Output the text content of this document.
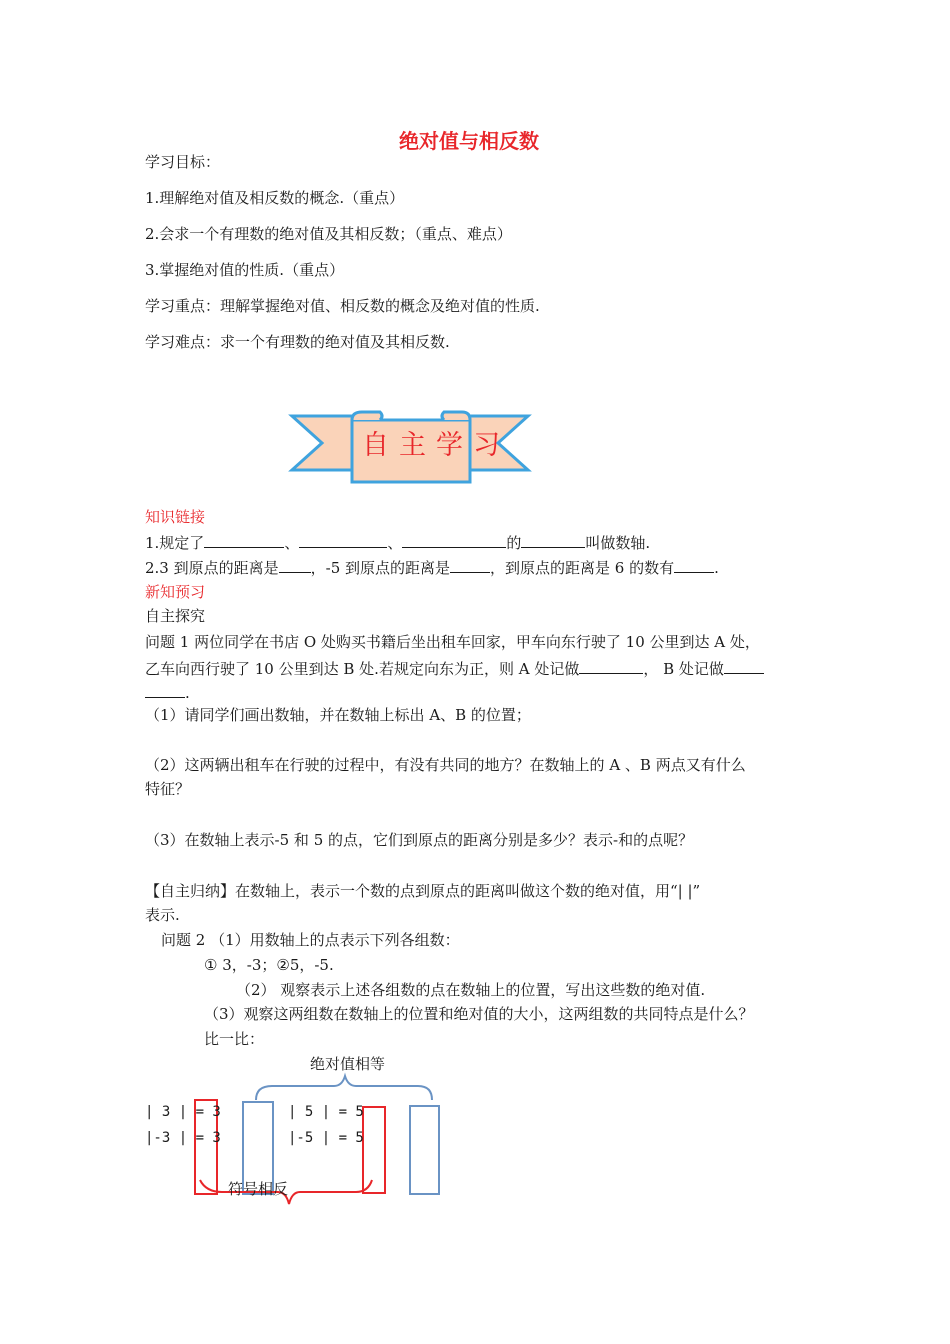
绝对值与相反数
学习目标：
1.理解绝对值及相反数的概念.（重点）
2.会求一个有理数的绝对值及其相反数；（重点、难点）
3.掌握绝对值的性质.（重点）
学习重点：理解掌握绝对值、相反数的概念及绝对值的性质.
学习难点：求一个有理数的绝对值及其相反数.
自主学习
知识链接
1.规定了	、	、	的	叫做数轴.
2.3 到原点的距离是 ，-5 到原点的距离是	，到原点的距离是 6 的数有	.
新知预习
自主探究
问题 1 两位同学在书店 O 处购买书籍后坐出租车回家，甲车向东行驶了 10 公里到达 A 处，
乙车向西行驶了 10 公里到达 B 处.若规定向东为正，则 A 处记做	， B 处记做
.
（1）请同学们画出数轴，并在数轴上标出 A、B 的位置；
（2）这两辆出租车在行驶的过程中，有没有共同的地方？在数轴上的 A 、B 两点又有什么
特征？
（3）在数轴上表示-5 和 5 的点，它们到原点的距离分别是多少？表示-和的点呢？
【自主归纳】在数轴上，表示一个数的点到原点的距离叫做这个数的绝对值，用“| |”
表示.
问题 2 （1）用数轴上的点表示下列各组数：
① 3，-3；②5，-5.
（2） 观察表示上述各组数的点在数轴上的位置，写出这些数的绝对值.
（3）观察这两组数在数轴上的位置和绝对值的大小，这两组数的共同特点是什么？
比一比：
绝对值相等
| 3 | = 3
|-3 | = 3
| 5 | = 5
|-5 | = 5
符号相反
